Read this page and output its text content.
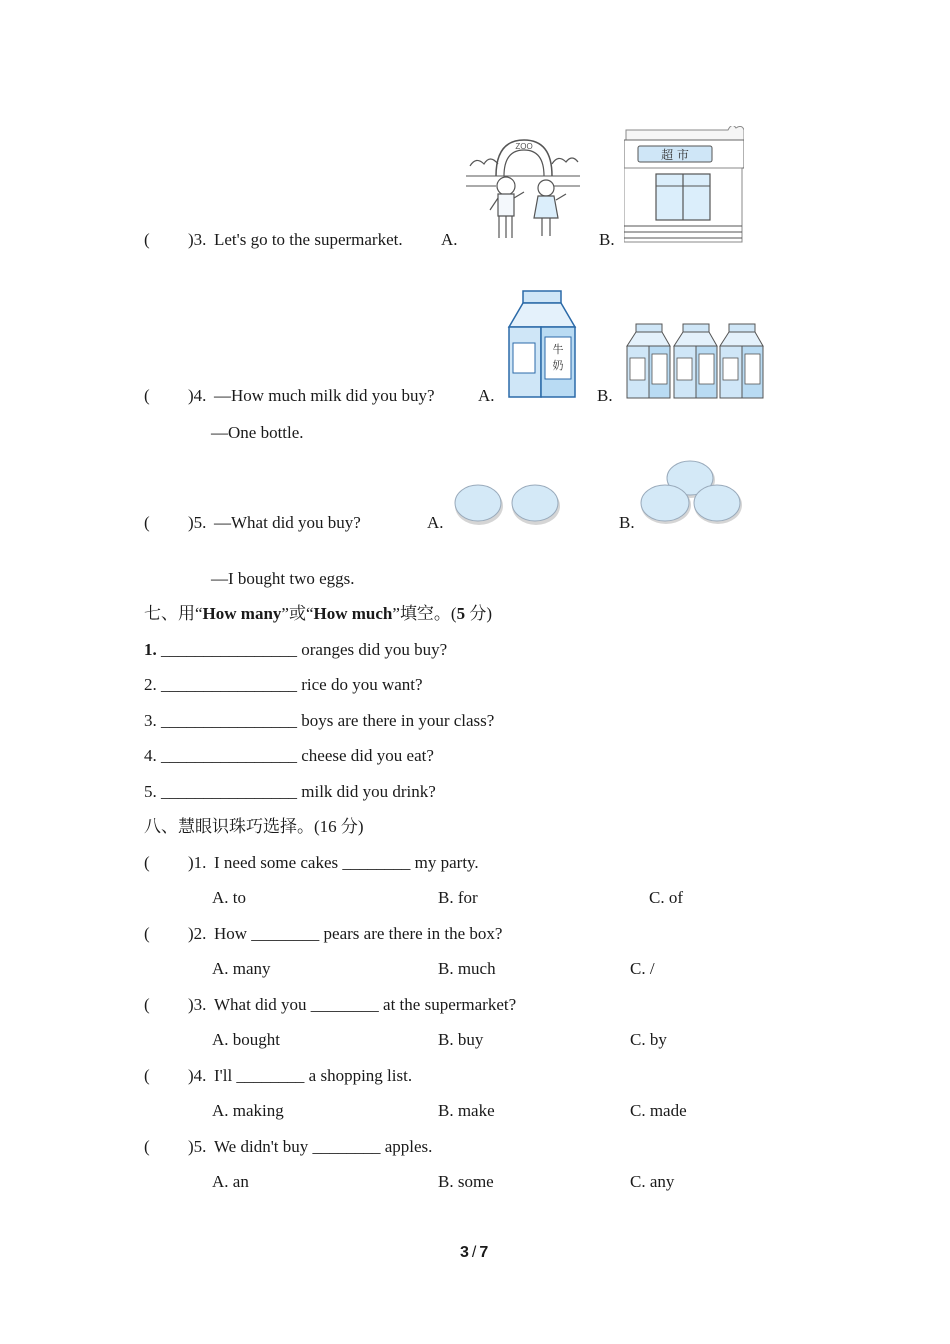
( )3. Let's go to the supermarket. A.	B.
ZOO
超 市
( )4. —How much milk did you buy?	A.	B.
—One bottle.
牛
奶
( )5. —What did you buy?	A.	B.
—I bought two eggs.
七、用“How many”或“How much”填空。(5 分)
1. ________________ oranges did you buy?
2. ________________ rice do you want?
3. ________________ boys are there in your class?
4. ________________ cheese did you eat?
5. ________________ milk did you drink?
八、慧眼识珠巧选择。(16 分)
( )1. I need some cakes ________ my party.
A. to	B. for	C. of
( )2. How ________ pears are there in the box?
A. many	B. much	C. /
( )3. What did you ________ at the supermarket?
A. bought	B. buy	C. by
( )4. I'll ________ a shopping list.
A. making	B. make	C. made
( )5. We didn't buy ________ apples.
A. an	B. some	C. any
3 / 7
